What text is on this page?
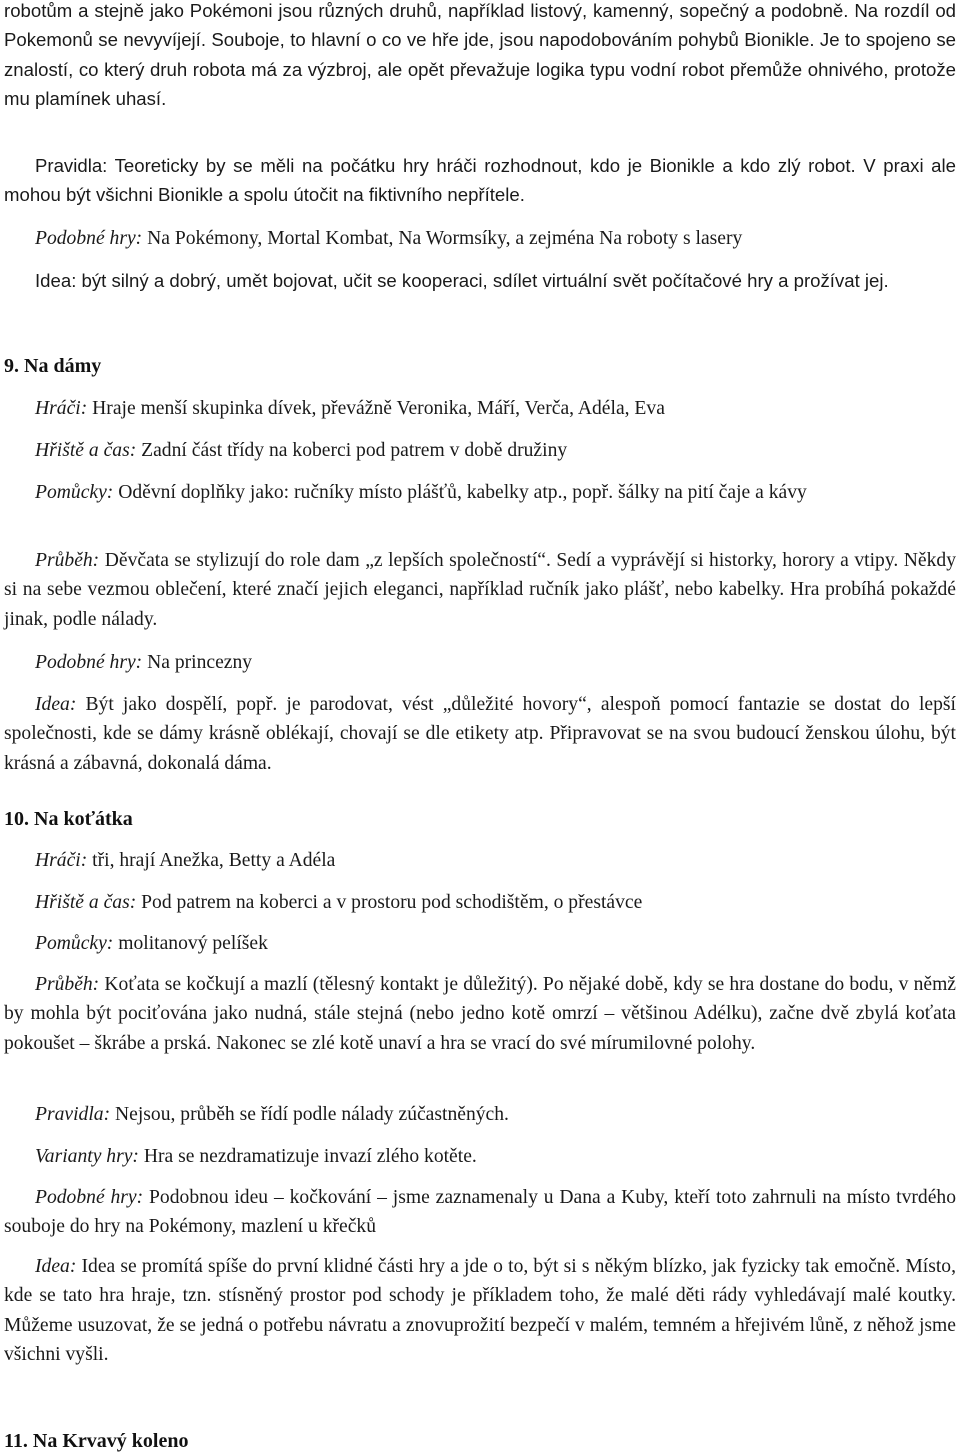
robotům a stejně jako Pokémoni jsou různých druhů, například listový, kamenný, sopečný a podobně. Na rozdíl od Pokemonů se nevyvíjejí. Souboje, to hlavní o co ve hře jde, jsou napodobováním pohybů Bionikle. Je to spojeno se znalostí, co který druh robota má za výzbroj, ale opět převažuje logika typu vodní robot přemůže ohnivého, protože mu plamínek uhasí.

Pravidla: Teoreticky by se měli na počátku hry hráči rozhodnout, kdo je Bionikle a kdo zlý robot. V praxi ale mohou být všichni Bionikle a spolu útočit na fiktivního nepřítele.

Podobné hry: Na Pokémony, Mortal Kombat, Na Wormsíky, a zejména Na roboty s lasery

Idea: být silný a dobrý, umět bojovat, učit se kooperaci, sdílet virtuální svět počítačové hry a prožívat jej.

9. Na dámy

Hráči: Hraje menší skupinka dívek, převážně Veronika, Máří, Verča, Adéla, Eva

Hřiště a čas: Zadní část třídy na koberci pod patrem v době družiny

Pomůcky: Oděvní doplňky jako: ručníky místo plášťů, kabelky atp., popř. šálky na pití čaje a kávy

Průběh: Děvčata se stylizují do role dam „z lepších společností“. Sedí a vyprávějí si historky, horory a vtipy. Někdy si na sebe vezmou oblečení, které značí jejich eleganci, například ručník jako plášť, nebo kabelky. Hra probíhá pokaždé jinak, podle nálady.

Podobné hry: Na princezny

Idea: Být jako dospělí, popř. je parodovat, vést „důležité hovory“, alespoň pomocí fantazie se dostat do lepší společnosti, kde se dámy krásně oblékají, chovají se dle etikety atp. Připravovat se na svou budoucí ženskou úlohu, být krásná a zábavná, dokonalá dáma.

10. Na koťátka

Hráči: tři, hrají Anežka, Betty a Adéla

Hřiště a čas: Pod patrem na koberci a v prostoru pod schodištěm, o přestávce

Pomůcky: molitanový pelíšek

Průběh: Koťata se kočkují a mazlí (tělesný kontakt je důležitý). Po nějaké době, kdy se hra dostane do bodu, v němž by mohla být pociťována jako nudná, stále stejná (nebo jedno kotě omrzí – většinou Adélku), začne dvě zbylá koťata pokoušet – škrábe a prská. Nakonec se zlé kotě unaví a hra se vrací do své mírumilovné polohy.

Pravidla: Nejsou, průběh se řídí podle nálady zúčastněných.

Varianty hry: Hra se nezdramatizuje invazí zlého kotěte.

Podobné hry: Podobnou ideu – kočkování – jsme zaznamenaly u Dana a Kuby, kteří toto zahrnuli na místo tvrdého souboje do hry na Pokémony, mazlení u křečků

Idea: Idea se promítá spíše do první klidné části hry a jde o to, být si s někým blízko, jak fyzicky tak emočně. Místo, kde se tato hra hraje, tzn. stísněný prostor pod schody je příkladem toho, že malé děti rády vyhledávají malé koutky. Můžeme usuzovat, že se jedná o potřebu návratu a znovuprožití bezpečí v malém, temném a hřejivém lůně, z něhož jsme všichni vyšli.

11. Na Krvavý koleno
